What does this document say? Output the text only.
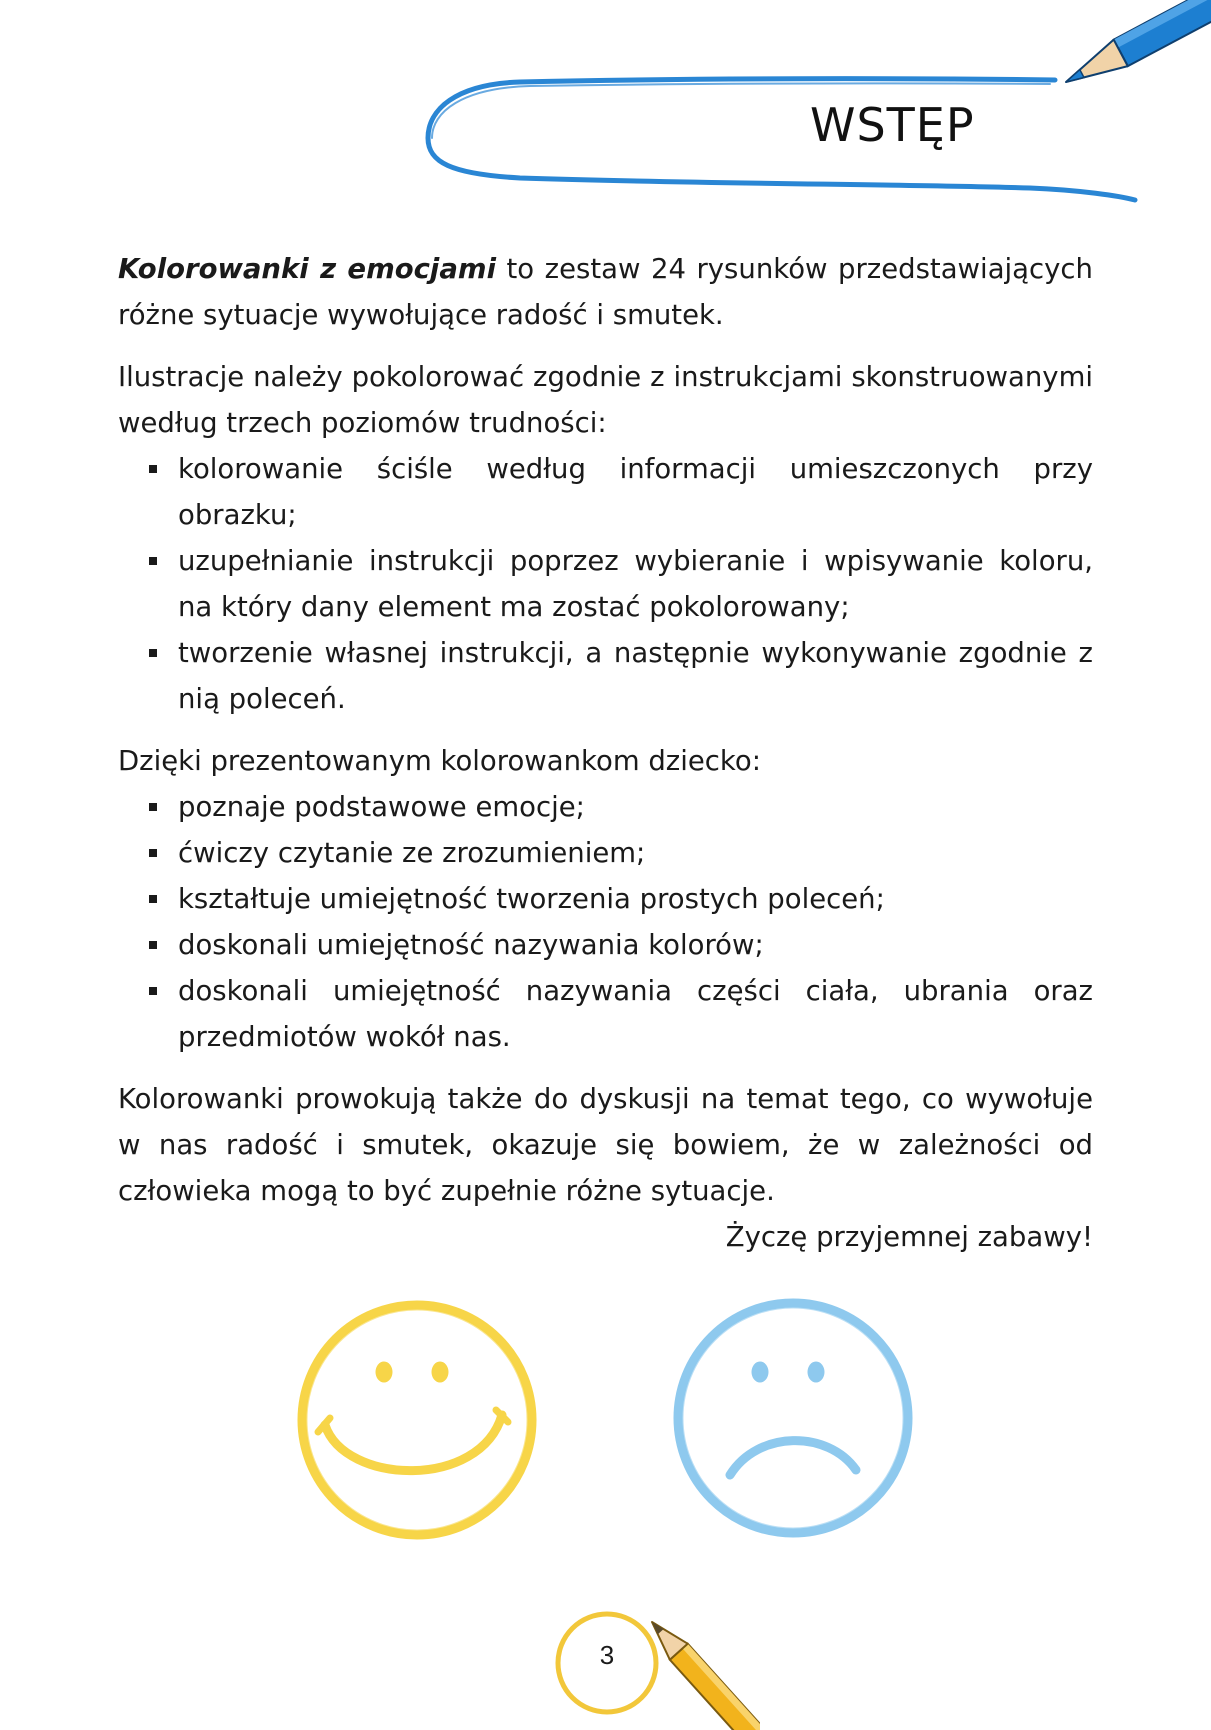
WSTĘP

Kolorowanki z emocjami to zestaw 24 rysunków przedstawiających różne sytuacje wywołujące radość i smutek.

Ilustracje należy pokolorować zgodnie z instrukcjami skonstruowanymi według trzech poziomów trudności:

kolorowanie ściśle według informacji umieszczonych przy obrazku;
uzupełnianie instrukcji poprzez wybieranie i wpisywanie koloru, na który dany element ma zostać pokolorowany;
tworzenie własnej instrukcji, a następnie wykonywanie zgodnie z nią poleceń.

Dzięki prezentowanym kolorowankom dziecko:

poznaje podstawowe emocje;
ćwiczy czytanie ze zrozumieniem;
kształtuje umiejętność tworzenia prostych poleceń;
doskonali umiejętność nazywania kolorów;
doskonali umiejętność nazywania części ciała, ubrania oraz przedmiotów wokół nas.

Kolorowanki prowokują także do dyskusji na temat tego, co wywołuje w nas radość i smutek, okazuje się bowiem, że w zależności od człowieka mogą to być zupełnie różne sytuacje.

Życzę przyjemnej zabawy!

3
